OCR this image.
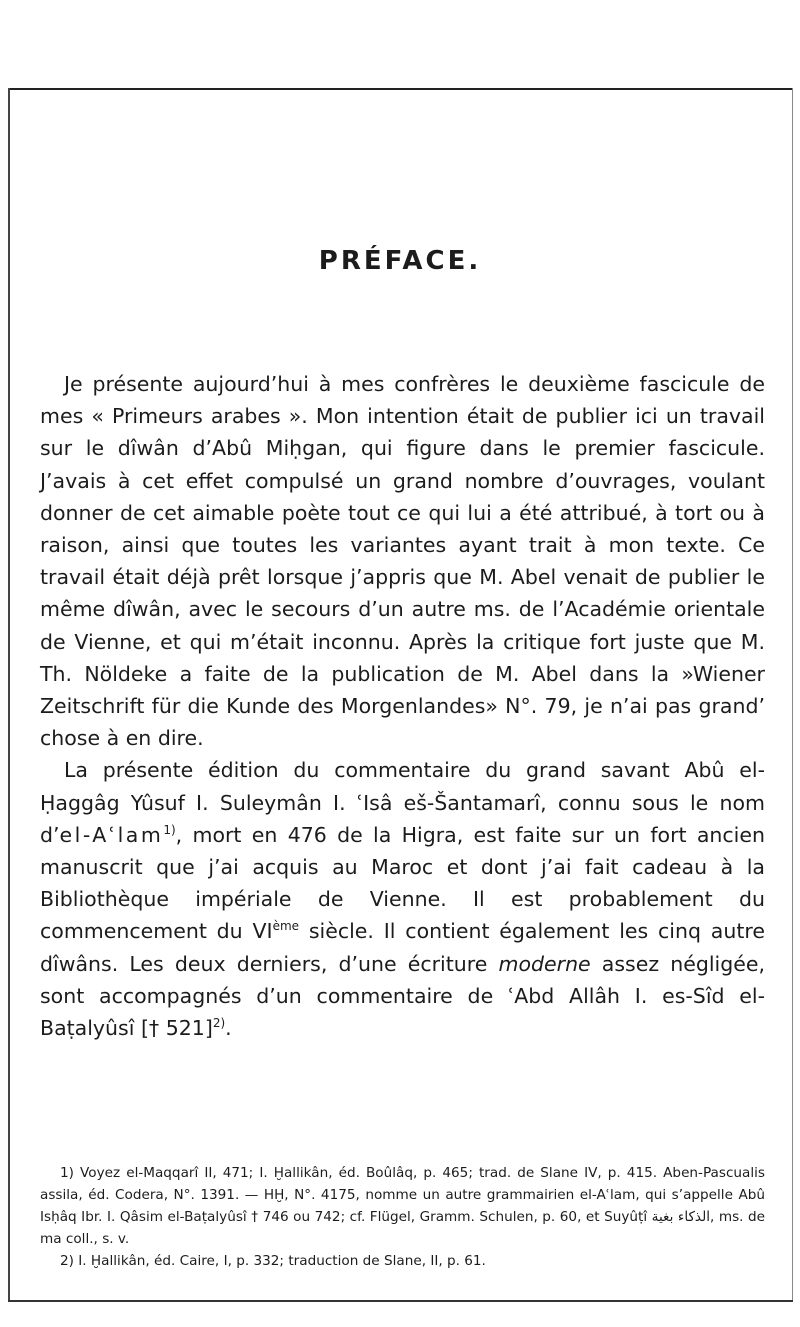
PRÉFACE.

Je présente aujourd’hui à mes confrères le deuxième fascicule de mes « Primeurs arabes ». Mon intention était de publier ici un travail sur le dîwân d’Abû Miḥgan, qui figure dans le premier fascicule. J’avais à cet effet compulsé un grand nombre d’ouvrages, voulant donner de cet aimable poète tout ce qui lui a été attribué, à tort ou à raison, ainsi que toutes les variantes ayant trait à mon texte. Ce travail était déjà prêt lorsque j’appris que M. Abel venait de publier le même dîwân, avec le secours d’un autre ms. de l’Académie orientale de Vienne, et qui m’était inconnu. Après la critique fort juste que M. Th. Nöldeke a faite de la publication de M. Abel dans la »Wiener Zeitschrift für die Kunde des Morgenlandes» N°. 79, je n’ai pas grand’ chose à en dire.

La présente édition du commentaire du grand savant Abû el-Ḥaggâg Yûsuf I. Suleymân I. ʿIsâ eš-Šantamarî, connu sous le nom d’el-Aʿlam$^{1)}$, mort en 476 de la Higra, est faite sur un fort ancien manuscrit que j’ai acquis au Maroc et dont j’ai fait cadeau à la Bibliothèque impériale de Vienne. Il est probablement du commencement du VIème siècle. Il contient également les cinq autre dîwâns. Les deux derniers, d’une écriture moderne assez négligée, sont accompagnés d’un commentaire de ʿAbd Allâh I. es-Sîd el-Baṭalyûsî [† 521]$^{2)}$.

1) Voyez el-Maqqarî II, 471; I. Ḫallikân, éd. Boûlâq, p. 465; trad. de Slane IV, p. 415. Aben-Pascualis assila, éd. Codera, N°. 1391. — HḪ, N°. 4175, nomme un autre grammairien el-Aʿlam, qui s’appelle Abû Isḥâq Ibr. I. Qâsim el-Baṭalyûsî † 746 ou 742; cf. Flügel, Gramm. Schulen, p. 60, et Suyûṭî الذكاء بغية, ms. de ma coll., s. v.

2) I. Ḫallikân, éd. Caire, I, p. 332; traduction de Slane, II, p. 61.
